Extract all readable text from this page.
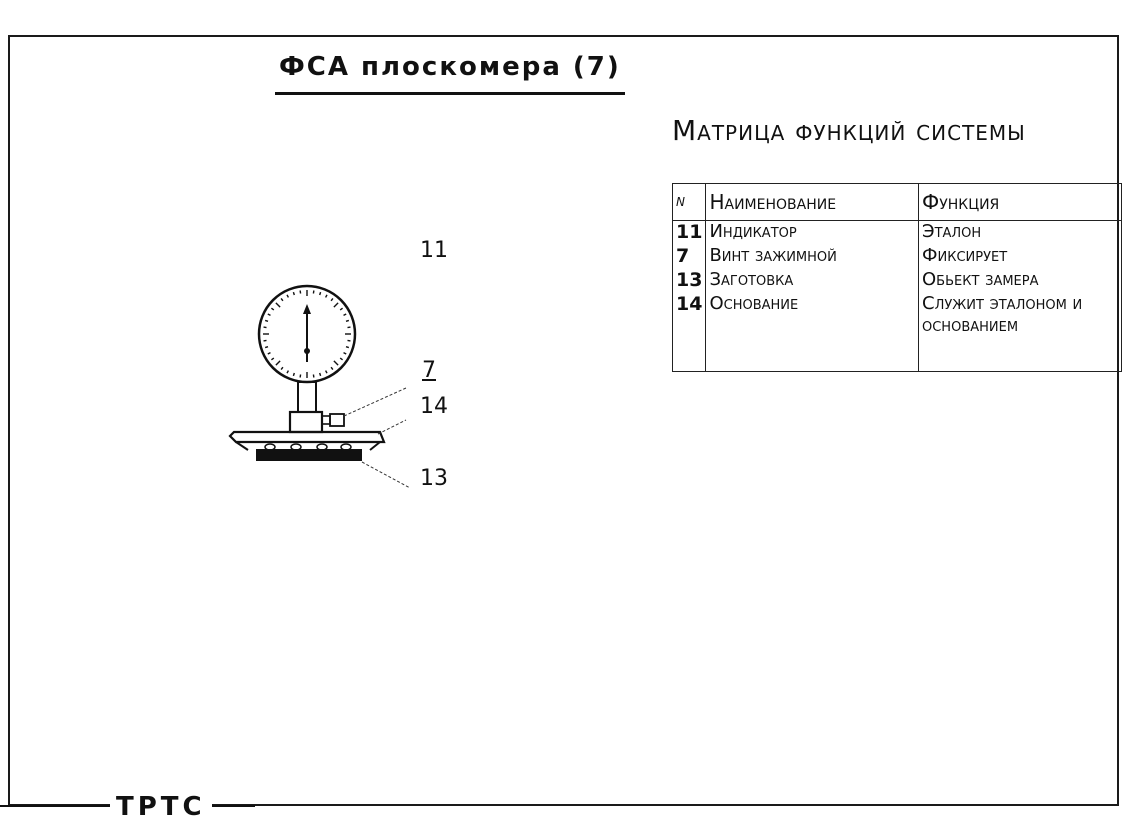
ФСА плоскомера (7)
Матрица функций системы
N	Наименование	Функция
11	Индикатор	Эталон
7	Винт зажимной	Фиксирует
13	Заготовка	Обьект замера
14	Основание	Служит эталоном и основанием
11
7
14
13
ТРТС
